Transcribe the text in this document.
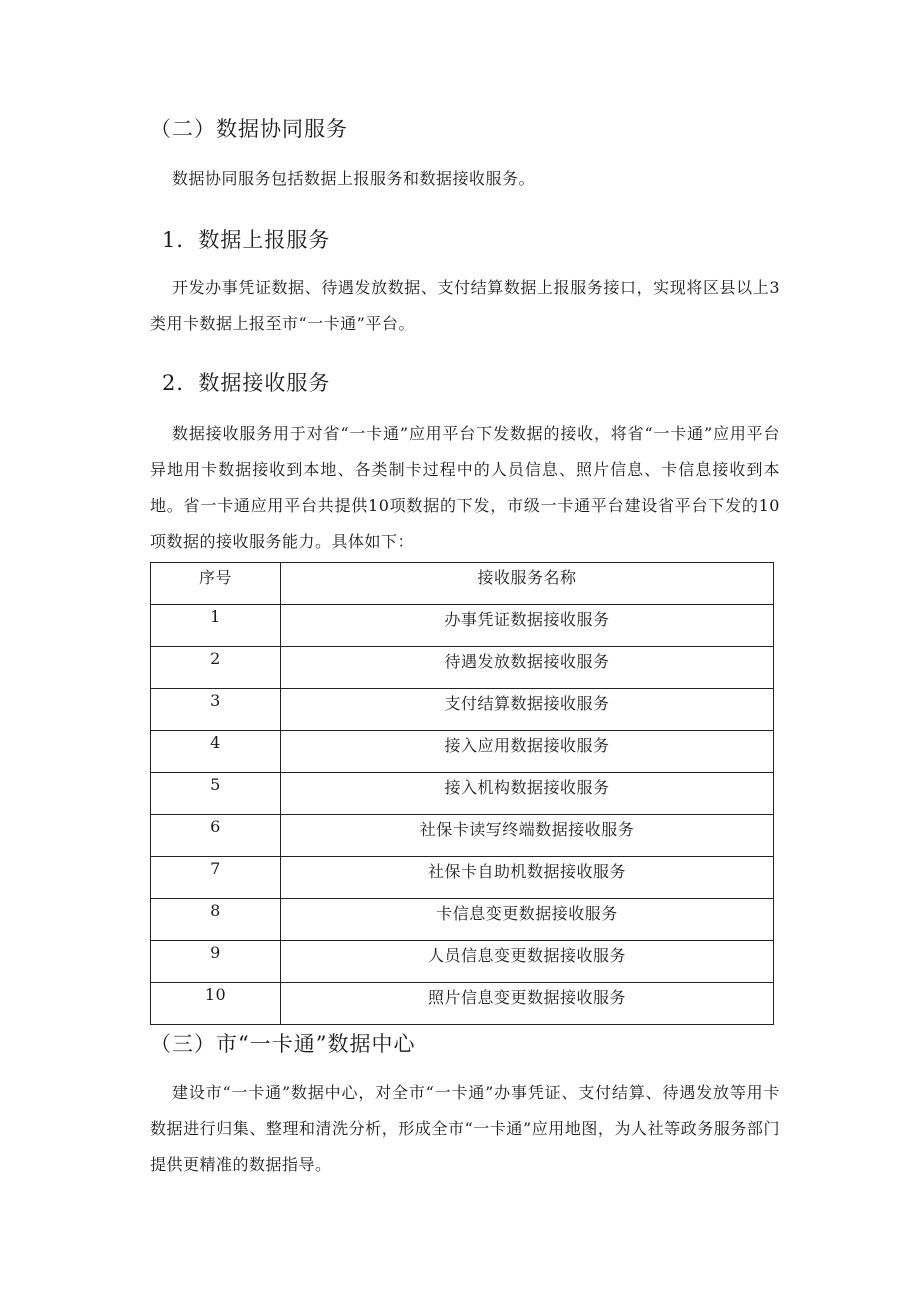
（二）数据协同服务

数据协同服务包括数据上报服务和数据接收服务。

1．数据上报服务

开发办事凭证数据、待遇发放数据、支付结算数据上报服务接口，实现将区县以上3类用卡数据上报至市“一卡通”平台。

2．数据接收服务

数据接收服务用于对省“一卡通”应用平台下发数据的接收，将省“一卡通”应用平台异地用卡数据接收到本地、各类制卡过程中的人员信息、照片信息、卡信息接收到本地。省一卡通应用平台共提供10项数据的下发，市级一卡通平台建设省平台下发的10项数据的接收服务能力。具体如下：

序号	接收服务名称
1	办事凭证数据接收服务
2	待遇发放数据接收服务
3	支付结算数据接收服务
4	接入应用数据接收服务
5	接入机构数据接收服务
6	社保卡读写终端数据接收服务
7	社保卡自助机数据接收服务
8	卡信息变更数据接收服务
9	人员信息变更数据接收服务
10	照片信息变更数据接收服务
（三）市“一卡通”数据中心

建设市“一卡通”数据中心，对全市“一卡通”办事凭证、支付结算、待遇发放等用卡数据进行归集、整理和清洗分析，形成全市“一卡通”应用地图，为人社等政务服务部门提供更精准的数据指导。
